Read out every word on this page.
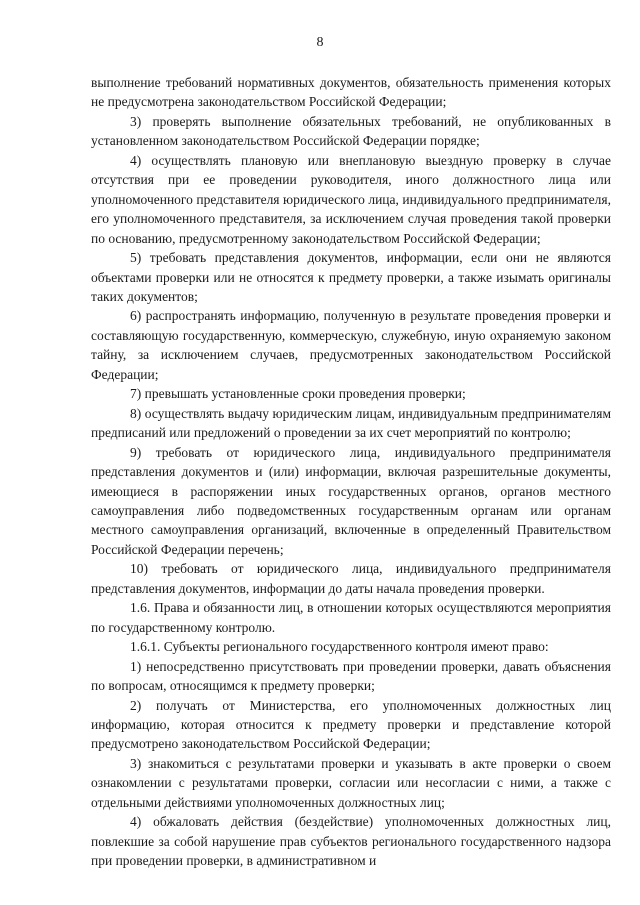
8

выполнение требований нормативных документов, обязательность применения которых не предусмотрена законодательством Российской Федерации;

3) проверять выполнение обязательных требований, не опубликованных в установленном законодательством Российской Федерации порядке;

4) осуществлять плановую или внеплановую выездную проверку в случае отсутствия при ее проведении руководителя, иного должностного лица или уполномоченного представителя юридического лица, индивидуального предпринимателя, его уполномоченного представителя, за исключением случая проведения такой проверки по основанию, предусмотренному законодательством Российской Федерации;

5) требовать представления документов, информации, если они не являются объектами проверки или не относятся к предмету проверки, а также изымать оригиналы таких документов;

6) распространять информацию, полученную в результате проведения проверки и составляющую государственную, коммерческую, служебную, иную охраняемую законом тайну, за исключением случаев, предусмотренных законодательством Российской Федерации;

7) превышать установленные сроки проведения проверки;

8) осуществлять выдачу юридическим лицам, индивидуальным предпринимателям предписаний или предложений о проведении за их счет мероприятий по контролю;

9) требовать от юридического лица, индивидуального предпринимателя представления документов и (или) информации, включая разрешительные документы, имеющиеся в распоряжении иных государственных органов, органов местного самоуправления либо подведомственных государственным органам или органам местного самоуправления организаций, включенные в определенный Правительством Российской Федерации перечень;

10) требовать от юридического лица, индивидуального предпринимателя представления документов, информации до даты начала проведения проверки.

1.6. Права и обязанности лиц, в отношении которых осуществляются мероприятия по государственному контролю.

1.6.1. Субъекты регионального государственного контроля имеют право:

1) непосредственно присутствовать при проведении проверки, давать объяснения по вопросам, относящимся к предмету проверки;

2) получать от Министерства, его уполномоченных должностных лиц информацию, которая относится к предмету проверки и представление которой предусмотрено законодательством Российской Федерации;

3) знакомиться с результатами проверки и указывать в акте проверки о своем ознакомлении с результатами проверки, согласии или несогласии с ними, а также с отдельными действиями уполномоченных должностных лиц;

4) обжаловать действия (бездействие) уполномоченных должностных лиц, повлекшие за собой нарушение прав субъектов регионального государственного надзора при проведении проверки, в административном и
